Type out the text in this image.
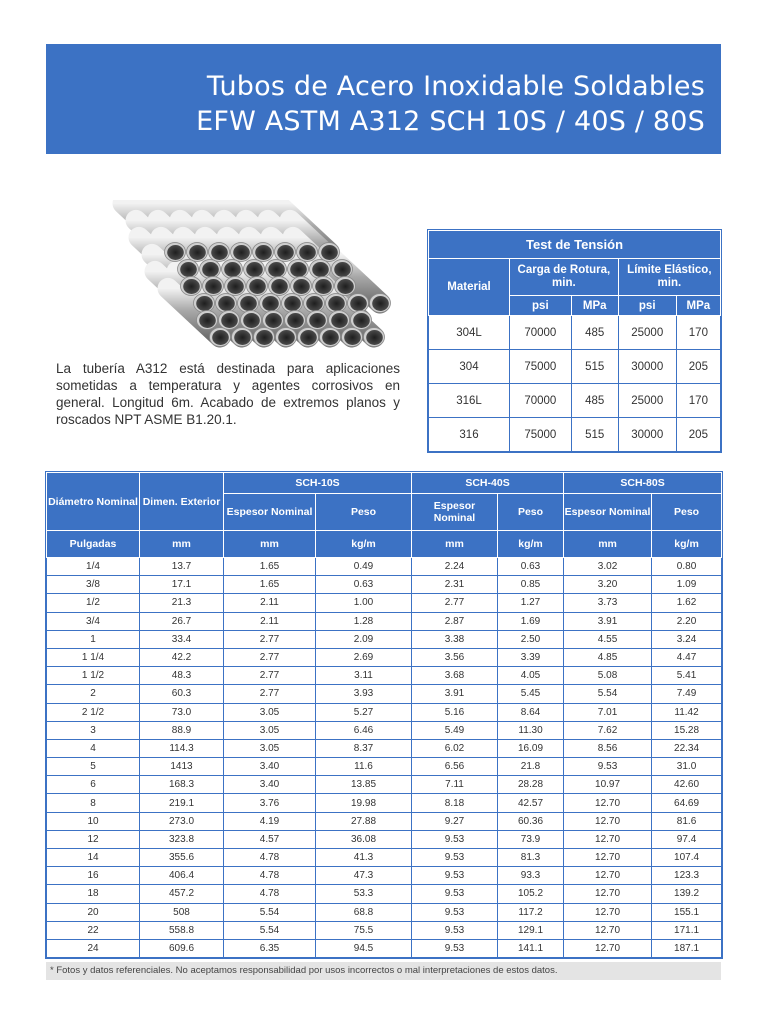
Tubos de Acero Inoxidable Soldables
EFW ASTM A312 SCH 10S / 40S / 80S
La tubería A312 está destinada para aplicaciones sometidas a temperatura y agentes corrosivos en general. Longitud 6m. Acabado de extremos planos y roscados NPT ASME B1.20.1.
Test de Tensión				
Material	Carga de Rotura, min.		Límite Elástico, min.	
	psi	MPa	psi	MPa
304L	70000	485	25000	170
304	75000	515	30000	205
316L	70000	485	25000	170
316	75000	515	30000	205
Diámetro Nominal	Dimen. Exterior	SCH-10S		SCH-40S		SCH-80S	
		Espesor Nominal	Peso	Espesor Nominal	Peso	Espesor Nominal	Peso
Pulgadas	mm	mm	kg/m	mm	kg/m	mm	kg/m
1/4	13.7	1.65	0.49	2.24	0.63	3.02	0.80
3/8	17.1	1.65	0.63	2.31	0.85	3.20	1.09
1/2	21.3	2.11	1.00	2.77	1.27	3.73	1.62
3/4	26.7	2.11	1.28	2.87	1.69	3.91	2.20
1	33.4	2.77	2.09	3.38	2.50	4.55	3.24
1 1/4	42.2	2.77	2.69	3.56	3.39	4.85	4.47
1 1/2	48.3	2.77	3.11	3.68	4.05	5.08	5.41
2	60.3	2.77	3.93	3.91	5.45	5.54	7.49
2 1/2	73.0	3.05	5.27	5.16	8.64	7.01	11.42
3	88.9	3.05	6.46	5.49	11.30	7.62	15.28
4	114.3	3.05	8.37	6.02	16.09	8.56	22.34
5	1413	3.40	11.6	6.56	21.8	9.53	31.0
6	168.3	3.40	13.85	7.11	28.28	10.97	42.60
8	219.1	3.76	19.98	8.18	42.57	12.70	64.69
10	273.0	4.19	27.88	9.27	60.36	12.70	81.6
12	323.8	4.57	36.08	9.53	73.9	12.70	97.4
14	355.6	4.78	41.3	9.53	81.3	12.70	107.4
16	406.4	4.78	47.3	9.53	93.3	12.70	123.3
18	457.2	4.78	53.3	9.53	105.2	12.70	139.2
20	508	5.54	68.8	9.53	117.2	12.70	155.1
22	558.8	5.54	75.5	9.53	129.1	12.70	171.1
24	609.6	6.35	94.5	9.53	141.1	12.70	187.1
* Fotos y datos referenciales. No aceptamos responsabilidad por usos incorrectos o mal interpretaciones de estos datos.
